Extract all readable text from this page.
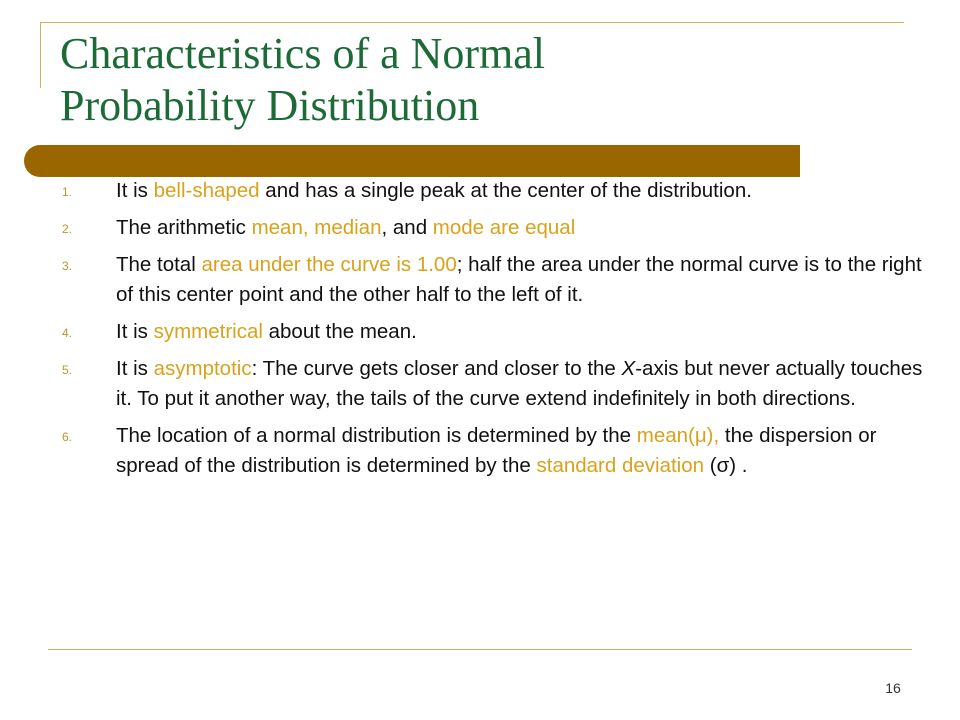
Characteristics of a Normal
Probability Distribution
1. It is bell-shaped and has a single peak at the center of the distribution.
2. The arithmetic mean, median, and mode are equal
3. The total area under the curve is 1.00; half the area under the normal curve is to the right of this center point and the other half to the left of it.
4. It is symmetrical about the mean.
5. It is asymptotic: The curve gets closer and closer to the X-axis but never actually touches it. To put it another way, the tails of the curve extend indefinitely in both directions.
6. The location of a normal distribution is determined by the mean(μ), the dispersion or spread of the distribution is determined by the standard deviation (σ) .
16
